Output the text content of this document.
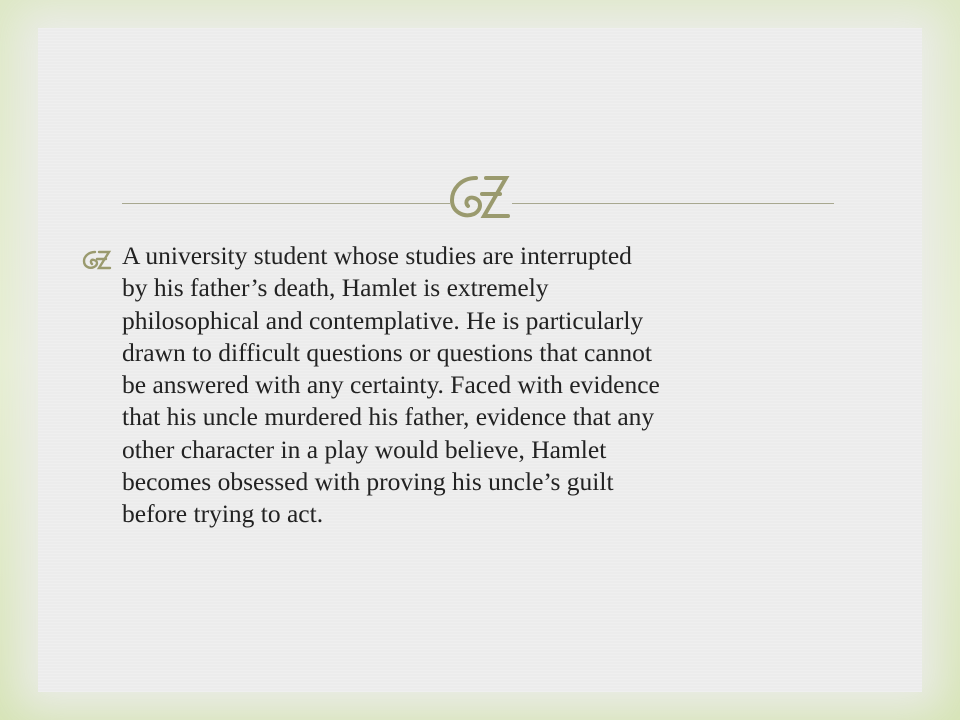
A university student whose studies are interrupted
by his father’s death, Hamlet is extremely
philosophical and contemplative. He is particularly
drawn to difficult questions or questions that cannot
be answered with any certainty. Faced with evidence
that his uncle murdered his father, evidence that any
other character in a play would believe, Hamlet
becomes obsessed with proving his uncle’s guilt
before trying to act.
